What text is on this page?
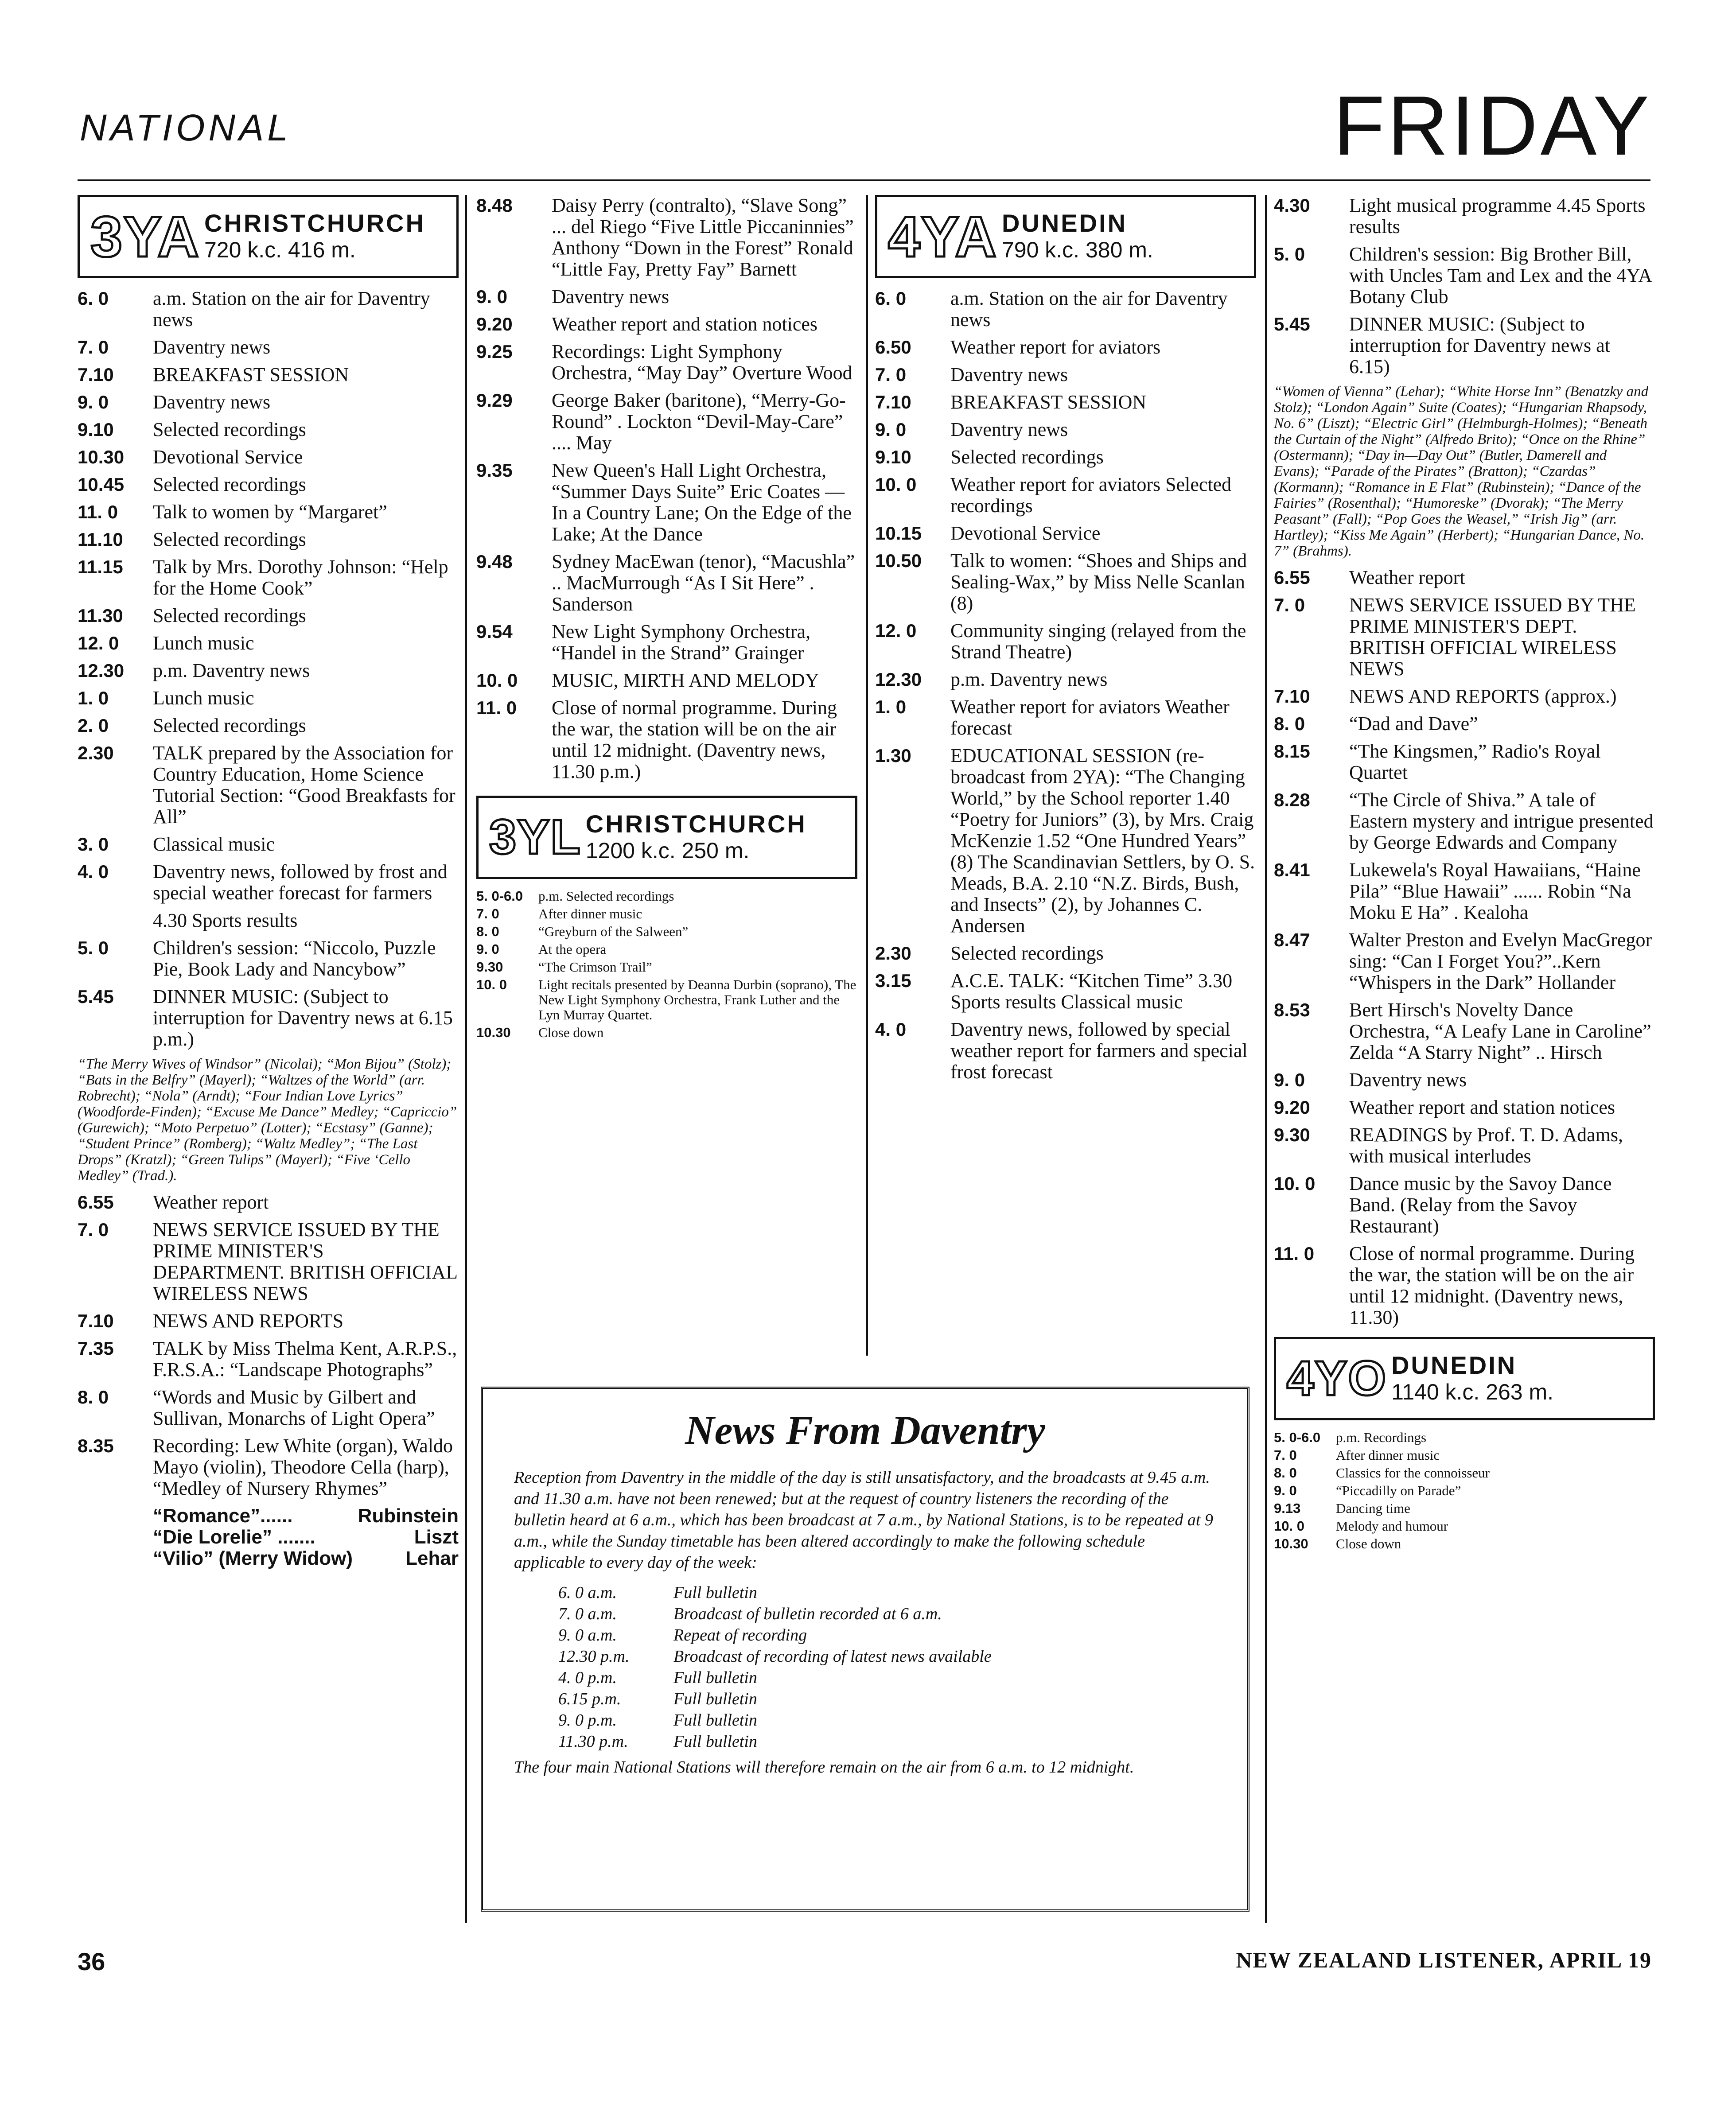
NATIONAL	FRIDAY
3YA CHRISTCHURCH
720 k.c. 416 m.
6. 0	a.m. Station on the air for Daventry news
7. 0	Daventry news
7.10	BREAKFAST SESSION
9. 0	Daventry news
9.10	Selected recordings
10.30	Devotional Service
10.45	Selected recordings
11. 0	Talk to women by “Margaret”
11.10	Selected recordings
11.15	Talk by Mrs. Dorothy Johnson: “Help for the Home Cook”
11.30	Selected recordings
12. 0	Lunch music
12.30	p.m. Daventry news
1. 0	Lunch music
2. 0	Selected recordings
2.30	TALK prepared by the Association for Country Education, Home Science Tutorial Section: “Good Breakfasts for All”
3. 0	Classical music
4. 0	Daventry news, followed by frost and special weather forecast for farmers
4.30 Sports results
5. 0	Children's session: “Niccolo, Puzzle Pie, Book Lady and Nancybow”
5.45	DINNER MUSIC: (Subject to interruption for Daventry news at 6.15 p.m.)
“The Merry Wives of Windsor” (Nicolai); “Mon Bijou” (Stolz); “Bats in the Belfry” (Mayerl); “Waltzes of the World” (arr. Robrecht); “Nola” (Arndt); “Four Indian Love Lyrics” (Woodforde-Finden); “Excuse Me Dance” Medley; “Capriccio” (Gurewich); “Moto Perpetuo” (Lotter); “Ecstasy” (Ganne); “Student Prince” (Romberg); “Waltz Medley”; “The Last Drops” (Kratzl); “Green Tulips” (Mayerl); “Five ‘Cello Medley” (Trad.).
6.55	Weather report
7. 0	NEWS SERVICE ISSUED BY THE PRIME MINISTER'S DEPARTMENT. BRITISH OFFICIAL WIRELESS NEWS
7.10	NEWS AND REPORTS
7.35	TALK by Miss Thelma Kent, A.R.P.S., F.R.S.A.: “Landscape Photographs”
8. 0	“Words and Music by Gilbert and Sullivan, Monarchs of Light Opera”
8.35	Recording: Lew White (organ), Waldo Mayo (violin), Theodore Cella (harp), “Medley of Nursery Rhymes”
“Romance”......	Rubinstein
“Die Lorelie” .......	Liszt
“Vilio” (Merry Widow)	Lehar
8.48	Daisy Perry (contralto), “Slave Song” ... del Riego “Five Little Piccaninnies” Anthony “Down in the Forest” Ronald “Little Fay, Pretty Fay” Barnett
9. 0	Daventry news
9.20	Weather report and station notices
9.25	Recordings: Light Symphony Orchestra, “May Day” Overture Wood
9.29	George Baker (baritone), “Merry-Go-Round” . Lockton “Devil-May-Care” .... May
9.35	New Queen's Hall Light Orchestra, “Summer Days Suite” Eric Coates — In a Country Lane; On the Edge of the Lake; At the Dance
9.48	Sydney MacEwan (tenor), “Macushla” .. MacMurrough “As I Sit Here” . Sanderson
9.54	New Light Symphony Orchestra, “Handel in the Strand” Grainger
10. 0	MUSIC, MIRTH AND MELODY
11. 0	Close of normal programme. During the war, the station will be on the air until 12 midnight. (Daventry news, 11.30 p.m.)
3YL CHRISTCHURCH
1200 k.c. 250 m.
5. 0-6.0	p.m. Selected recordings
7. 0	After dinner music
8. 0	“Greyburn of the Salween”
9. 0	At the opera
9.30	“The Crimson Trail”
10. 0	Light recitals presented by Deanna Durbin (soprano), The New Light Symphony Orchestra, Frank Luther and the Lyn Murray Quartet.
10.30	Close down
4YA DUNEDIN
790 k.c. 380 m.
6. 0	a.m. Station on the air for Daventry news
6.50	Weather report for aviators
7. 0	Daventry news
7.10	BREAKFAST SESSION
9. 0	Daventry news
9.10	Selected recordings
10. 0	Weather report for aviators Selected recordings
10.15	Devotional Service
10.50	Talk to women: “Shoes and Ships and Sealing-Wax,” by Miss Nelle Scanlan (8)
12. 0	Community singing (relayed from the Strand Theatre)
12.30	p.m. Daventry news
1. 0	Weather report for aviators Weather forecast
1.30	EDUCATIONAL SESSION (re-broadcast from 2YA): “The Changing World,” by the School reporter 1.40 “Poetry for Juniors” (3), by Mrs. Craig McKenzie 1.52 “One Hundred Years” (8) The Scandinavian Settlers, by O. S. Meads, B.A. 2.10 “N.Z. Birds, Bush, and Insects” (2), by Johannes C. Andersen
2.30	Selected recordings
3.15	A.C.E. TALK: “Kitchen Time” 3.30 Sports results Classical music
4. 0	Daventry news, followed by special weather report for farmers and special frost forecast
4.30	Light musical programme 4.45 Sports results
5. 0	Children's session: Big Brother Bill, with Uncles Tam and Lex and the 4YA Botany Club
5.45	DINNER MUSIC: (Subject to interruption for Daventry news at 6.15)
“Women of Vienna” (Lehar); “White Horse Inn” (Benatzky and Stolz); “London Again” Suite (Coates); “Hungarian Rhapsody, No. 6” (Liszt); “Electric Girl” (Helmburgh-Holmes); “Beneath the Curtain of the Night” (Alfredo Brito); “Once on the Rhine” (Ostermann); “Day in—Day Out” (Butler, Damerell and Evans); “Parade of the Pirates” (Bratton); “Czardas” (Kormann); “Romance in E Flat” (Rubinstein); “Dance of the Fairies” (Rosenthal); “Humoreske” (Dvorak); “The Merry Peasant” (Fall); “Pop Goes the Weasel,” “Irish Jig” (arr. Hartley); “Kiss Me Again” (Herbert); “Hungarian Dance, No. 7” (Brahms).
6.55	Weather report
7. 0	NEWS SERVICE ISSUED BY THE PRIME MINISTER'S DEPT. BRITISH OFFICIAL WIRELESS NEWS
7.10	NEWS AND REPORTS (approx.)
8. 0	“Dad and Dave”
8.15	“The Kingsmen,” Radio's Royal Quartet
8.28	“The Circle of Shiva.” A tale of Eastern mystery and intrigue presented by George Edwards and Company
8.41	Lukewela's Royal Hawaiians, “Haine Pila” “Blue Hawaii” ...... Robin “Na Moku E Ha” . Kealoha
8.47	Walter Preston and Evelyn MacGregor sing: “Can I Forget You?”..Kern “Whispers in the Dark” Hollander
8.53	Bert Hirsch's Novelty Dance Orchestra, “A Leafy Lane in Caroline” Zelda “A Starry Night” .. Hirsch
9. 0	Daventry news
9.20	Weather report and station notices
9.30	READINGS by Prof. T. D. Adams, with musical interludes
10. 0	Dance music by the Savoy Dance Band. (Relay from the Savoy Restaurant)
11. 0	Close of normal programme. During the war, the station will be on the air until 12 midnight. (Daventry news, 11.30)
4YO DUNEDIN
1140 k.c. 263 m.
5. 0-6.0	p.m. Recordings
7. 0	After dinner music
8. 0	Classics for the connoisseur
9. 0	“Piccadilly on Parade”
9.13	Dancing time
10. 0	Melody and humour
10.30	Close down
News From Daventry

Reception from Daventry in the middle of the day is still unsatisfactory, and the broadcasts at 9.45 a.m. and 11.30 a.m. have not been renewed; but at the request of country listeners the recording of the bulletin heard at 6 a.m., which has been broadcast at 7 a.m., by National Stations, is to be repeated at 9 a.m., while the Sunday timetable has been altered accordingly to make the following schedule applicable to every day of the week:

6. 0 a.m.	Full bulletin
7. 0 a.m.	Broadcast of bulletin recorded at 6 a.m.
9. 0 a.m.	Repeat of recording
12.30 p.m.	Broadcast of recording of latest news available
4. 0 p.m.	Full bulletin
6.15 p.m.	Full bulletin
9. 0 p.m.	Full bulletin
11.30 p.m.	Full bulletin

The four main National Stations will therefore remain on the air from 6 a.m. to 12 midnight.

36	NEW ZEALAND LISTENER, APRIL 19
